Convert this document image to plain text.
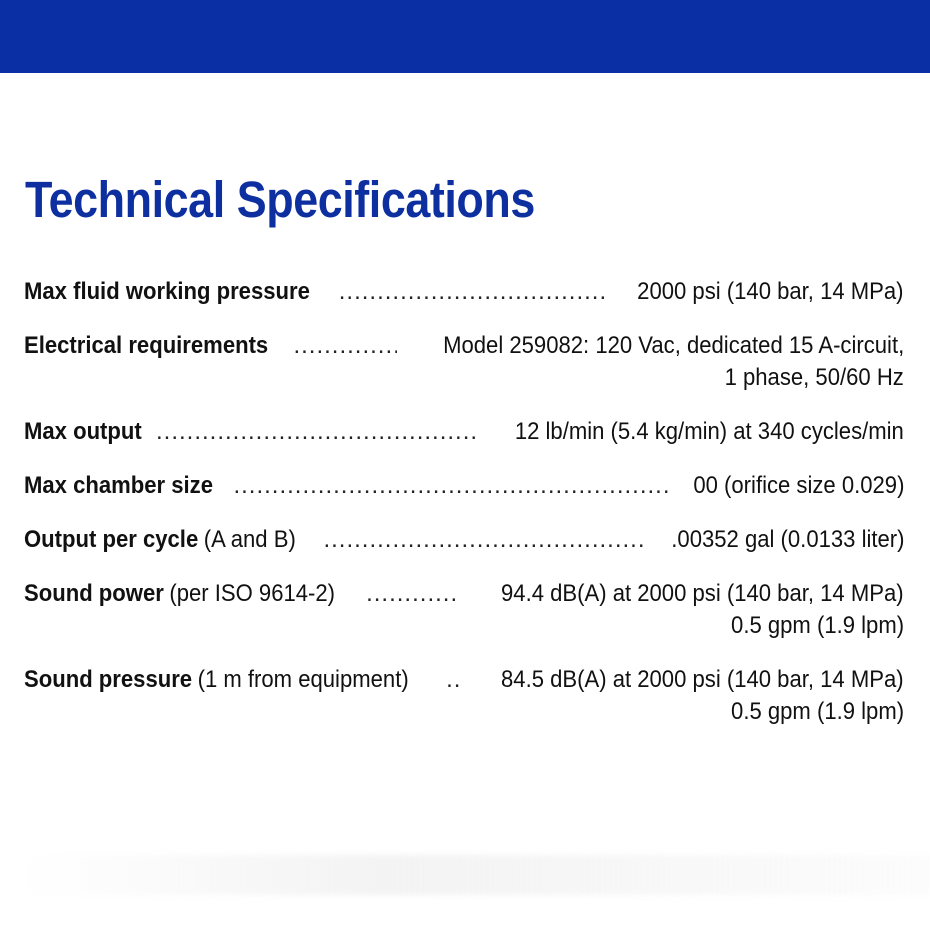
Technical Specifications
Max fluid working pressure .....	2000 psi (140 bar, 14 MPa)
Electrical requirements .....	Model 259082: 120 Vac, dedicated 15 A-circuit,
1 phase, 50/60 Hz
Max output .....	12 lb/min (5.4 kg/min) at 340 cycles/min
Max chamber size .....	00 (orifice size 0.029)
Output per cycle (A and B) .....	.00352 gal (0.0133 liter)
Sound power (per ISO 9614-2) .....	94.4 dB(A) at 2000 psi (140 bar, 14 MPa)
0.5 gpm (1.9 lpm)
Sound pressure (1 m from equipment) .....	84.5 dB(A) at 2000 psi (140 bar, 14 MPa)
0.5 gpm (1.9 lpm)
